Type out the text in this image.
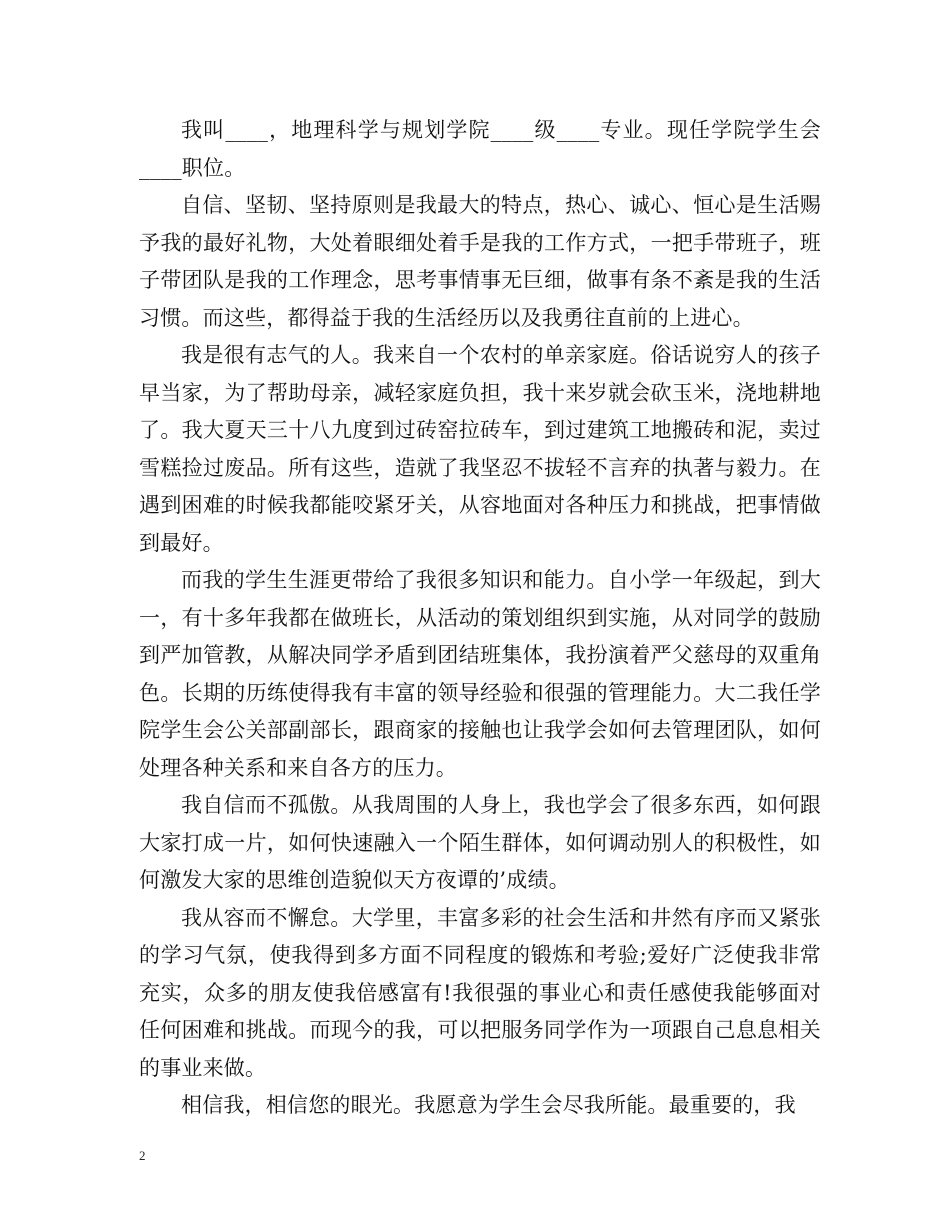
我叫____，地理科学与规划学院____级____专业。现任学院学生会____职位。

自信、坚韧、坚持原则是我最大的特点，热心、诚心、恒心是生活赐予我的最好礼物，大处着眼细处着手是我的工作方式，一把手带班子，班子带团队是我的工作理念，思考事情事无巨细，做事有条不紊是我的生活习惯。而这些，都得益于我的生活经历以及我勇往直前的上进心。

我是很有志气的人。我来自一个农村的单亲家庭。俗话说穷人的孩子早当家，为了帮助母亲，减轻家庭负担，我十来岁就会砍玉米，浇地耕地了。我大夏天三十八九度到过砖窑拉砖车，到过建筑工地搬砖和泥，卖过雪糕捡过废品。所有这些，造就了我坚忍不拔轻不言弃的执著与毅力。在遇到困难的时候我都能咬紧牙关，从容地面对各种压力和挑战，把事情做到最好。

而我的学生生涯更带给了我很多知识和能力。自小学一年级起，到大一，有十多年我都在做班长，从活动的策划组织到实施，从对同学的鼓励到严加管教，从解决同学矛盾到团结班集体，我扮演着严父慈母的双重角色。长期的历练使得我有丰富的领导经验和很强的管理能力。大二我任学院学生会公关部副部长，跟商家的接触也让我学会如何去管理团队，如何处理各种关系和来自各方的压力。

我自信而不孤傲。从我周围的人身上，我也学会了很多东西，如何跟大家打成一片，如何快速融入一个陌生群体，如何调动别人的积极性，如何激发大家的思维创造貌似天方夜谭的’成绩。

我从容而不懈怠。大学里，丰富多彩的社会生活和井然有序而又紧张的学习气氛，使我得到多方面不同程度的锻炼和考验;爱好广泛使我非常充实，众多的朋友使我倍感富有!我很强的事业心和责任感使我能够面对任何困难和挑战。而现今的我，可以把服务同学作为一项跟自己息息相关的事业来做。

相信我，相信您的眼光。我愿意为学生会尽我所能。最重要的，我

2
